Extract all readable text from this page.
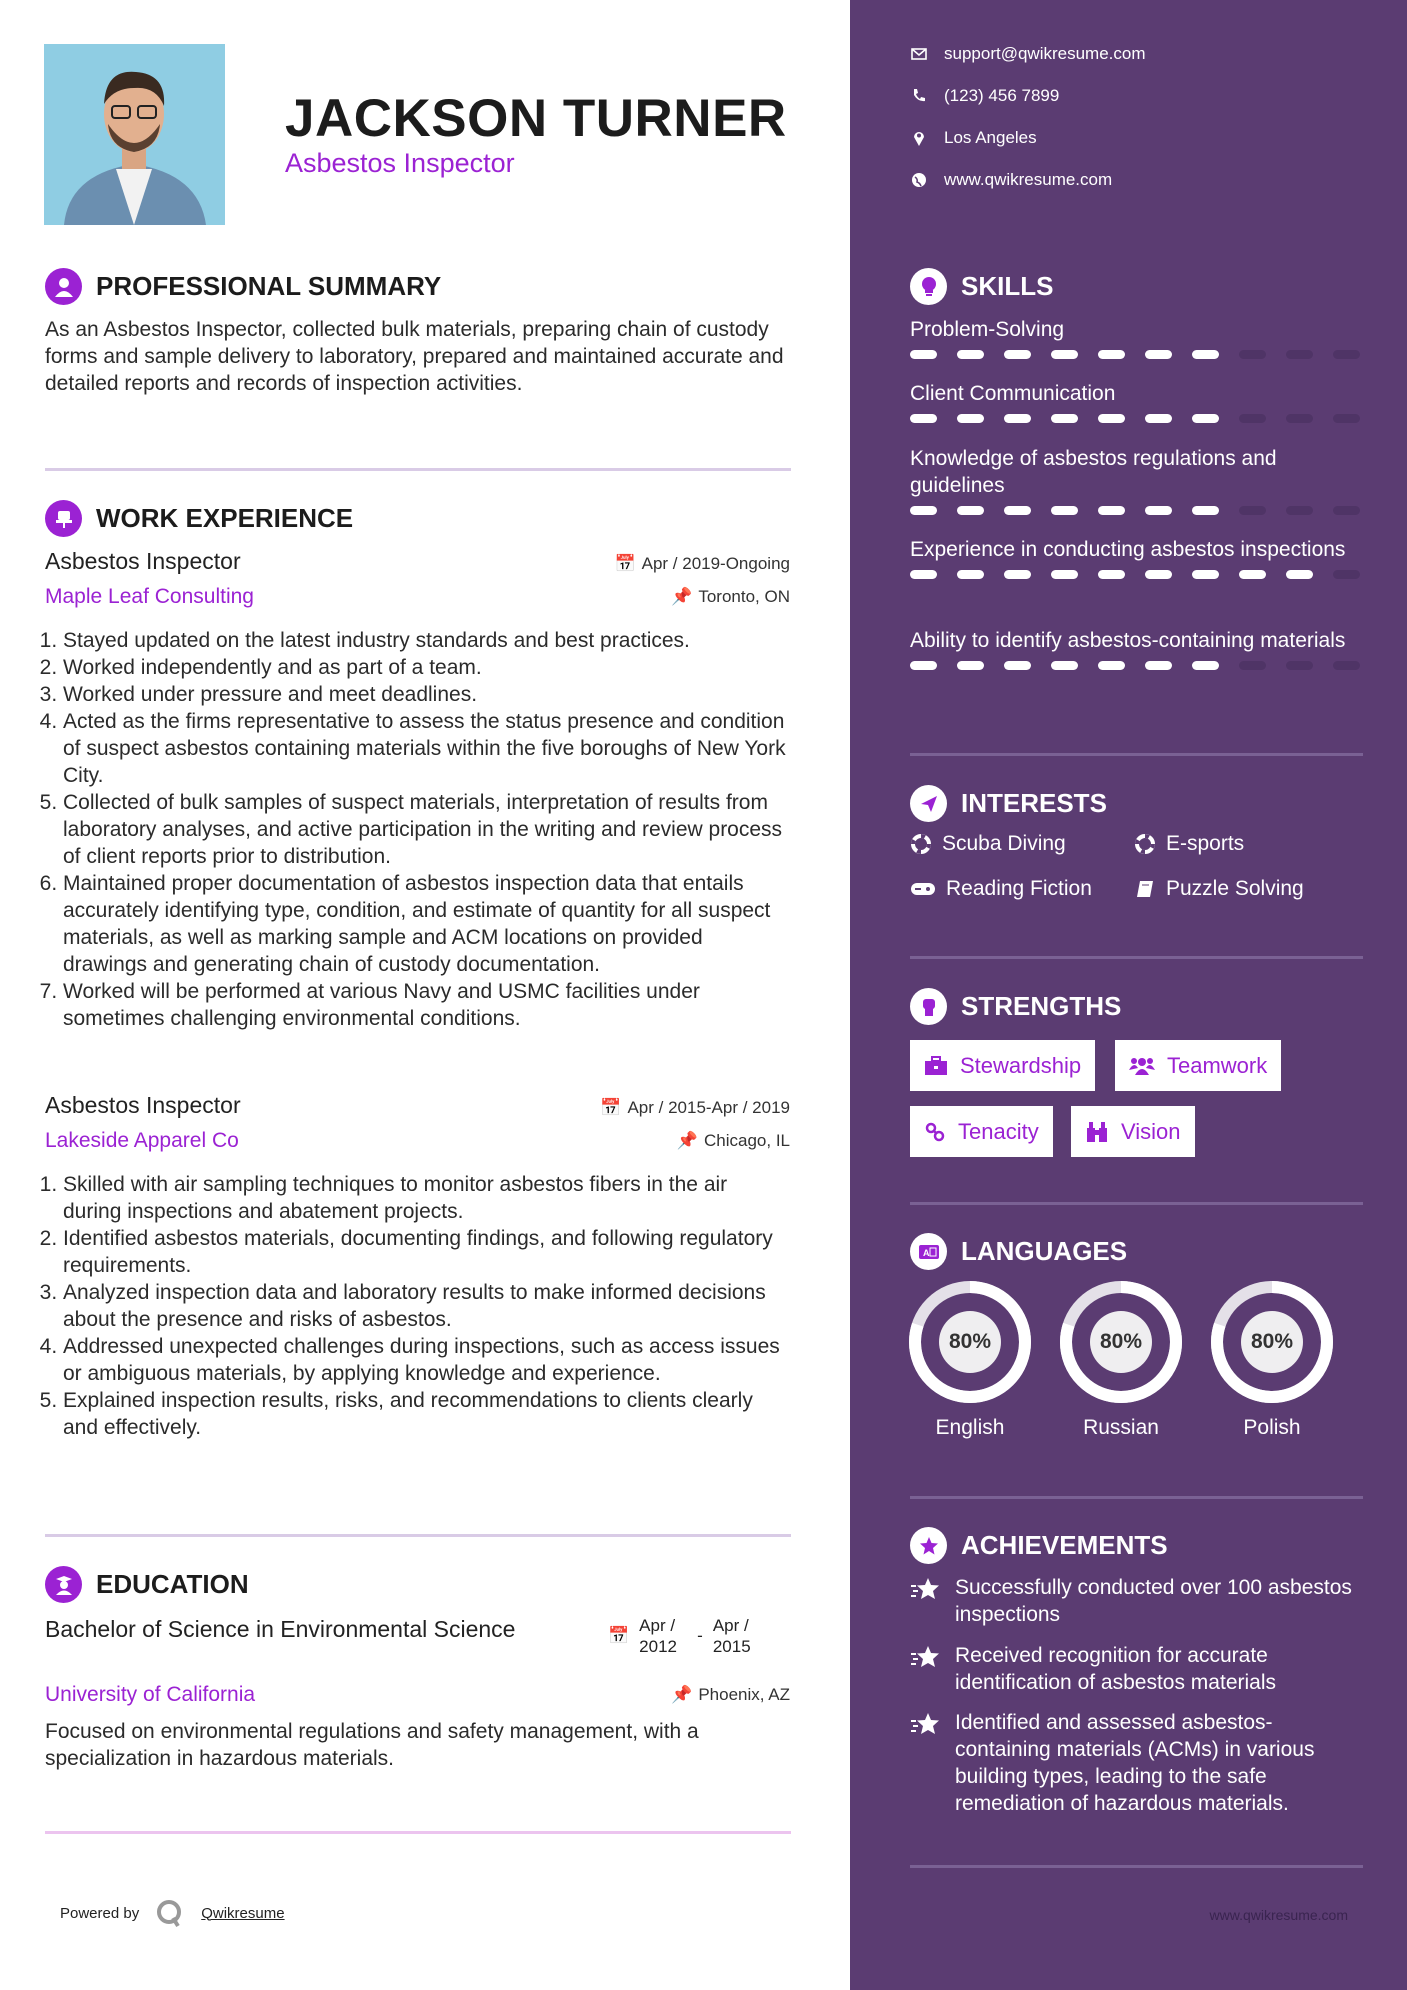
JACKSON TURNER
Asbestos Inspector
PROFESSIONAL SUMMARY
As an Asbestos Inspector, collected bulk materials, preparing chain of custody forms and sample delivery to laboratory, prepared and maintained accurate and detailed reports and records of inspection activities.
WORK EXPERIENCE
Asbestos Inspector	📅 Apr / 2019-Ongoing
Maple Leaf Consulting	📌 Toronto, ON
1. Stayed updated on the latest industry standards and best practices.
2. Worked independently and as part of a team.
3. Worked under pressure and meet deadlines.
4. Acted as the firms representative to assess the status presence and condition of suspect asbestos containing materials within the five boroughs of New York City.
5. Collected of bulk samples of suspect materials, interpretation of results from laboratory analyses, and active participation in the writing and review process of client reports prior to distribution.
6. Maintained proper documentation of asbestos inspection data that entails accurately identifying type, condition, and estimate of quantity for all suspect materials, as well as marking sample and ACM locations on provided drawings and generating chain of custody documentation.
7. Worked will be performed at various Navy and USMC facilities under sometimes challenging environmental conditions.
Asbestos Inspector	📅 Apr / 2015-Apr / 2019
Lakeside Apparel Co	📌 Chicago, IL
1. Skilled with air sampling techniques to monitor asbestos fibers in the air during inspections and abatement projects.
2. Identified asbestos materials, documenting findings, and following regulatory requirements.
3. Analyzed inspection data and laboratory results to make informed decisions about the presence and risks of asbestos.
4. Addressed unexpected challenges during inspections, such as access issues or ambiguous materials, by applying knowledge and experience.
5. Explained inspection results, risks, and recommendations to clients clearly and effectively.
EDUCATION
Bachelor of Science in Environmental Science	📅
Apr / 2012
-
Apr / 2015
University of California	📌 Phoenix, AZ
Focused on environmental regulations and safety management, with a specialization in hazardous materials.
Powered by	Qwikresume
support@qwikresume.com
(123) 456 7899
Los Angeles
www.qwikresume.com
SKILLS
Problem-Solving
Client Communication
Knowledge of asbestos regulations and guidelines
Experience in conducting asbestos inspections
Ability to identify asbestos-containing materials
INTERESTS
Scuba Diving	E-sports
Reading Fiction	Puzzle Solving
STRENGTHS
Stewardship	Teamwork
Tenacity	Vision
A LANGUAGES
80%
English
80%
Russian
80%
Polish
ACHIEVEMENTS
Successfully conducted over 100 asbestos inspections
Received recognition for accurate identification of asbestos materials
Identified and assessed asbestos-containing materials (ACMs) in various building types, leading to the safe remediation of hazardous materials.
www.qwikresume.com
